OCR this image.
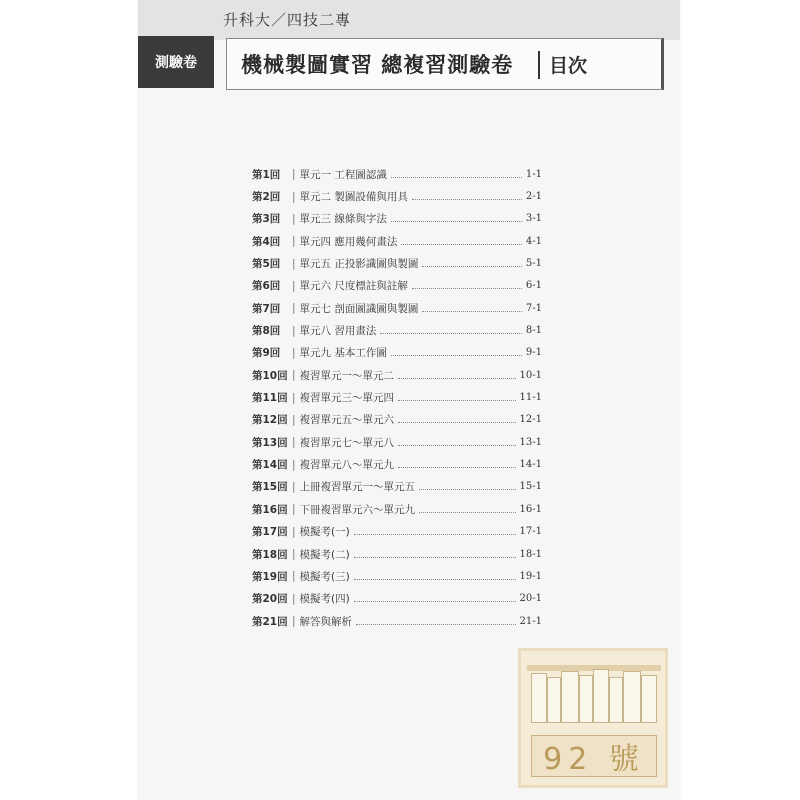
升科大／四技二專
測驗卷	機械製圖實習 總複習測驗卷 目次
第1回	| 單元一 工程圖認識	1-1
第2回	| 單元二 製圖設備與用具	2-1
第3回	| 單元三 線條與字法	3-1
第4回	| 單元四 應用幾何畫法	4-1
第5回	| 單元五 正投影識圖與製圖	5-1
第6回	| 單元六 尺度標註與註解	6-1
第7回	| 單元七 剖面圖識圖與製圖	7-1
第8回	| 單元八 習用畫法	8-1
第9回	| 單元九 基本工作圖	9-1
第10回 | 複習單元一～單元二	10-1
第11回 | 複習單元三～單元四	11-1
第12回 | 複習單元五～單元六	12-1
第13回 | 複習單元七～單元八	13-1
第14回 | 複習單元八～單元九	14-1
第15回 | 上冊複習單元一～單元五	15-1
第16回 | 下冊複習單元六～單元九	16-1
第17回 | 模擬考(一)	17-1
第18回 | 模擬考(二)	18-1
第19回 | 模擬考(三)	19-1
第20回 | 模擬考(四)	20-1
第21回 | 解答與解析	21-1
92 號
